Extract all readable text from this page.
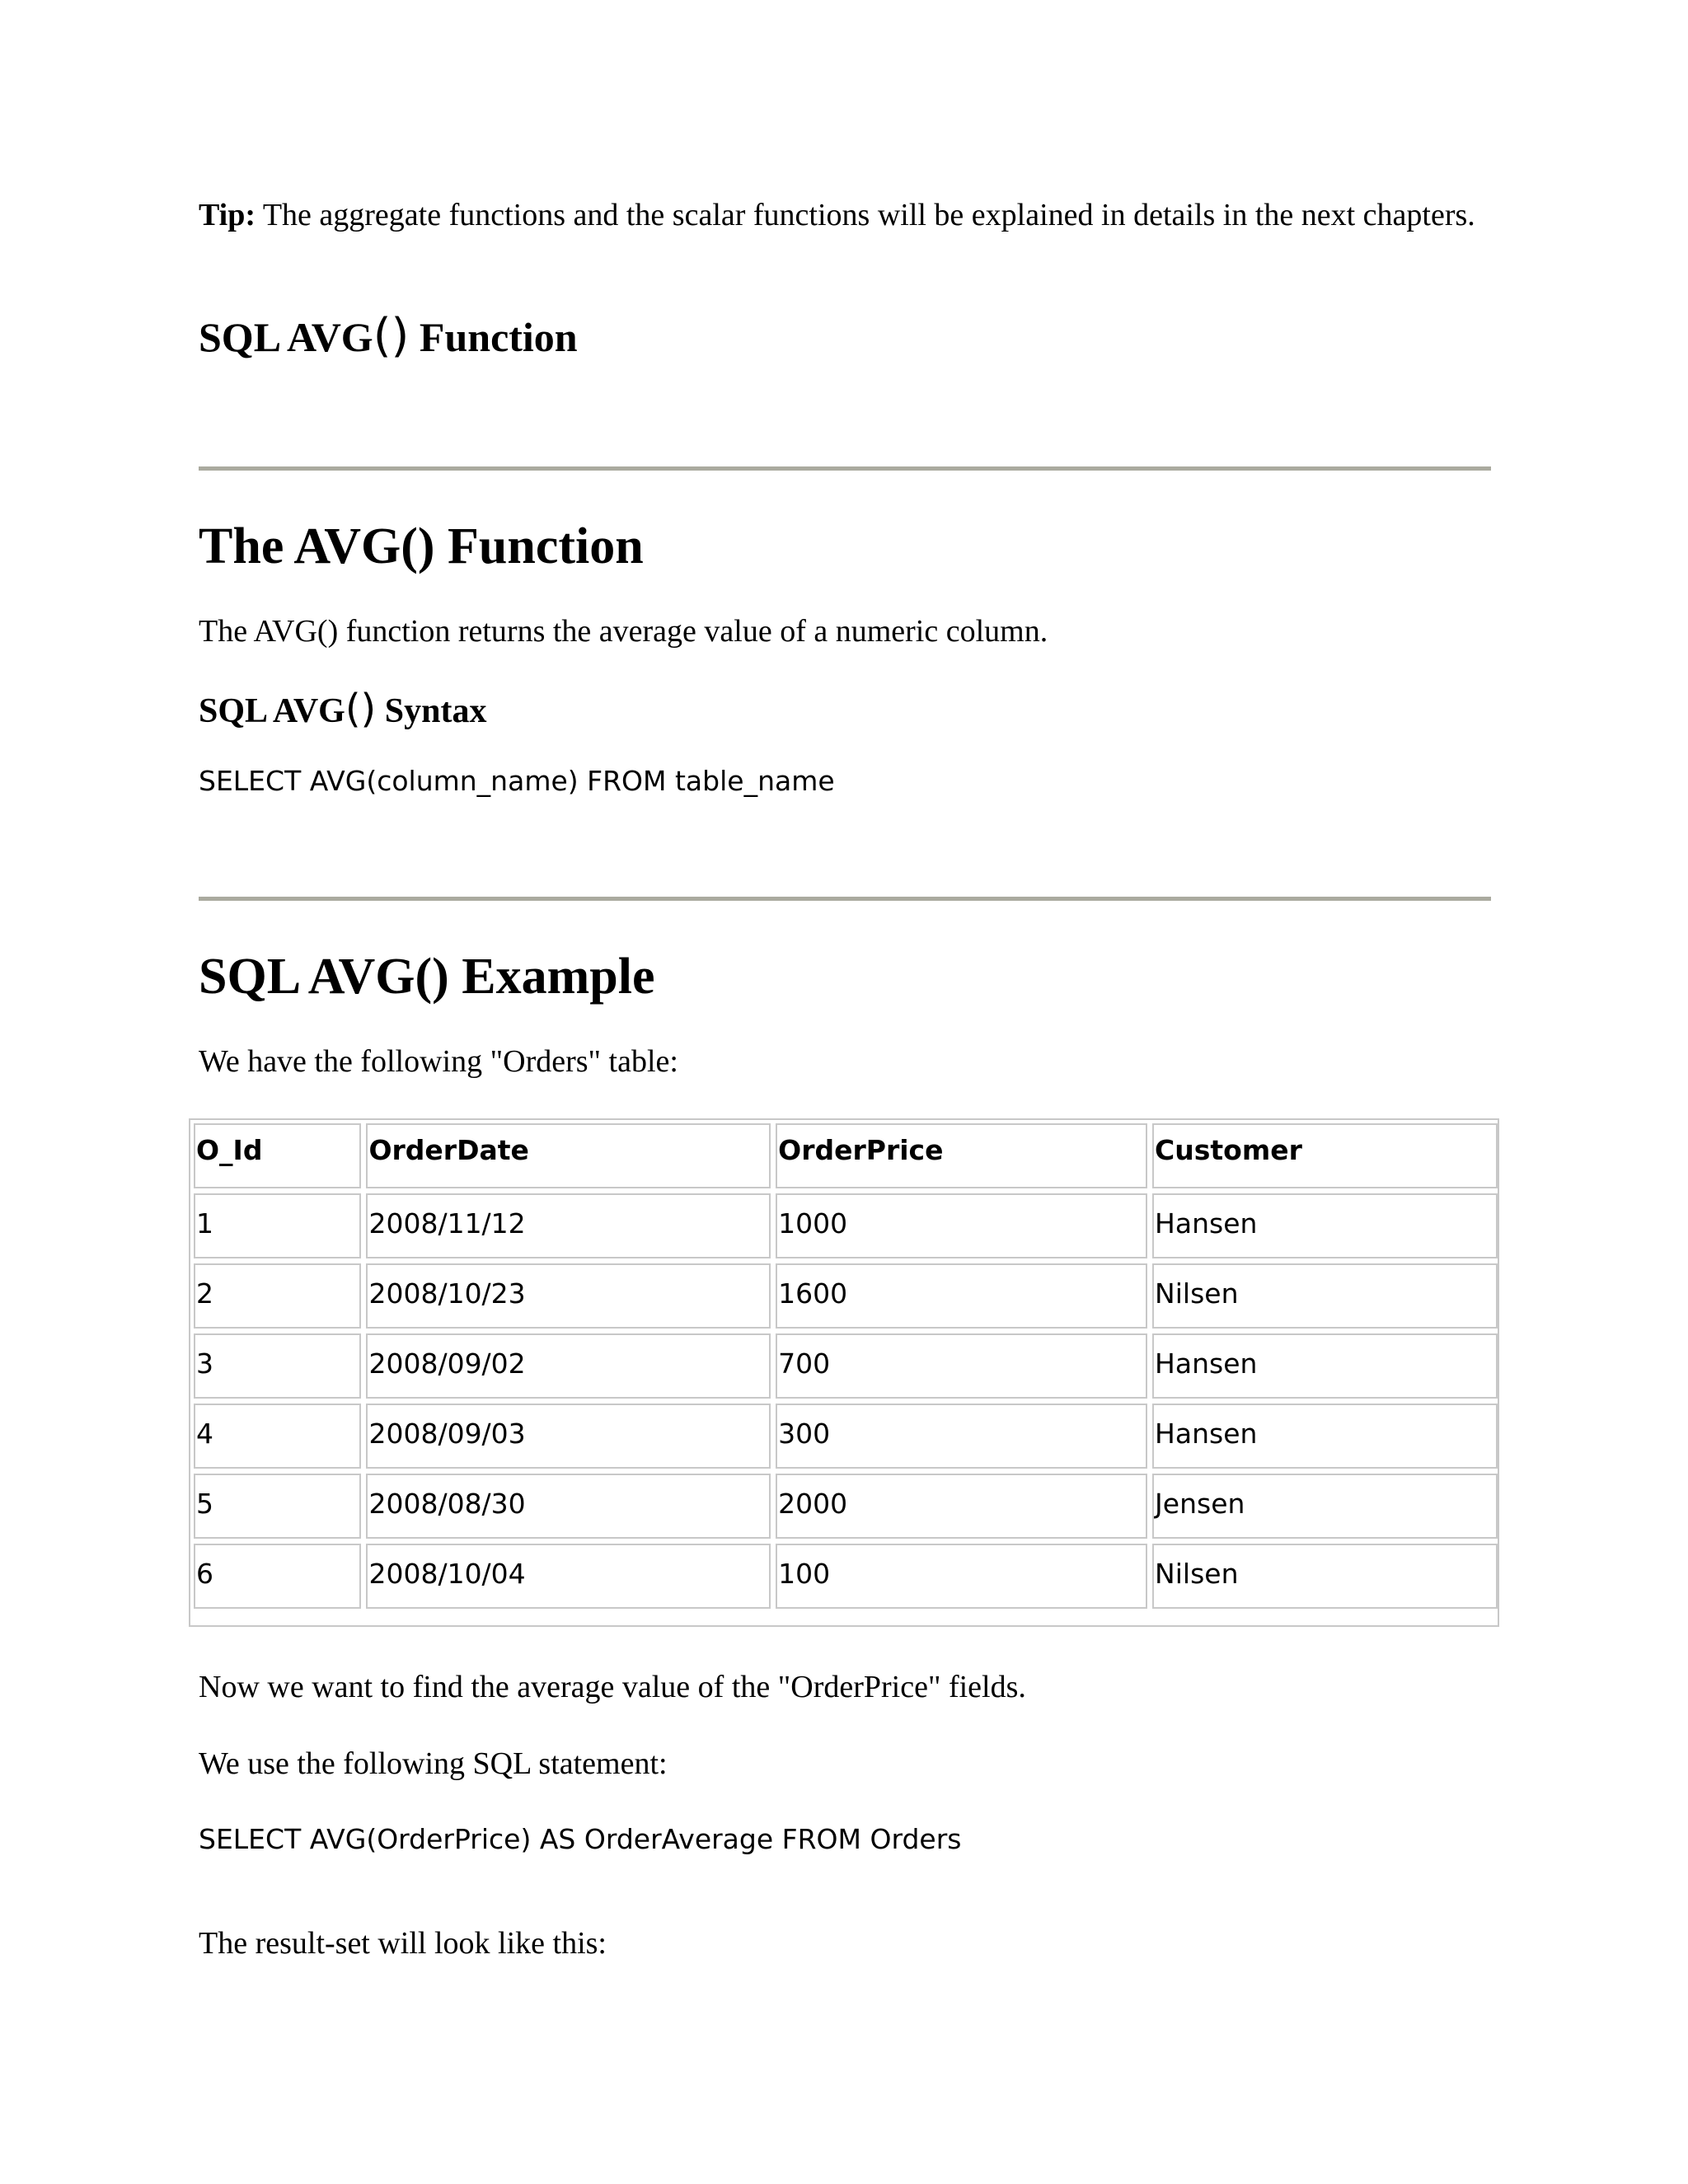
Tip: The aggregate functions and the scalar functions will be explained in details in the next chapters.

SQL AVG() Function
The AVG() Function
The AVG() function returns the average value of a numeric column.
SQL AVG() Syntax
SELECT AVG(column_name) FROM table_name
SQL AVG() Example
We have the following "Orders" table:
O_Id	OrderDate	OrderPrice	Customer
1	2008/11/12	1000	Hansen
2	2008/10/23	1600	Nilsen
3	2008/09/02	700	Hansen
4	2008/09/03	300	Hansen
5	2008/08/30	2000	Jensen
6	2008/10/04	100	Nilsen
Now we want to find the average value of the "OrderPrice" fields.
We use the following SQL statement:
SELECT AVG(OrderPrice) AS OrderAverage FROM Orders
The result-set will look like this:
